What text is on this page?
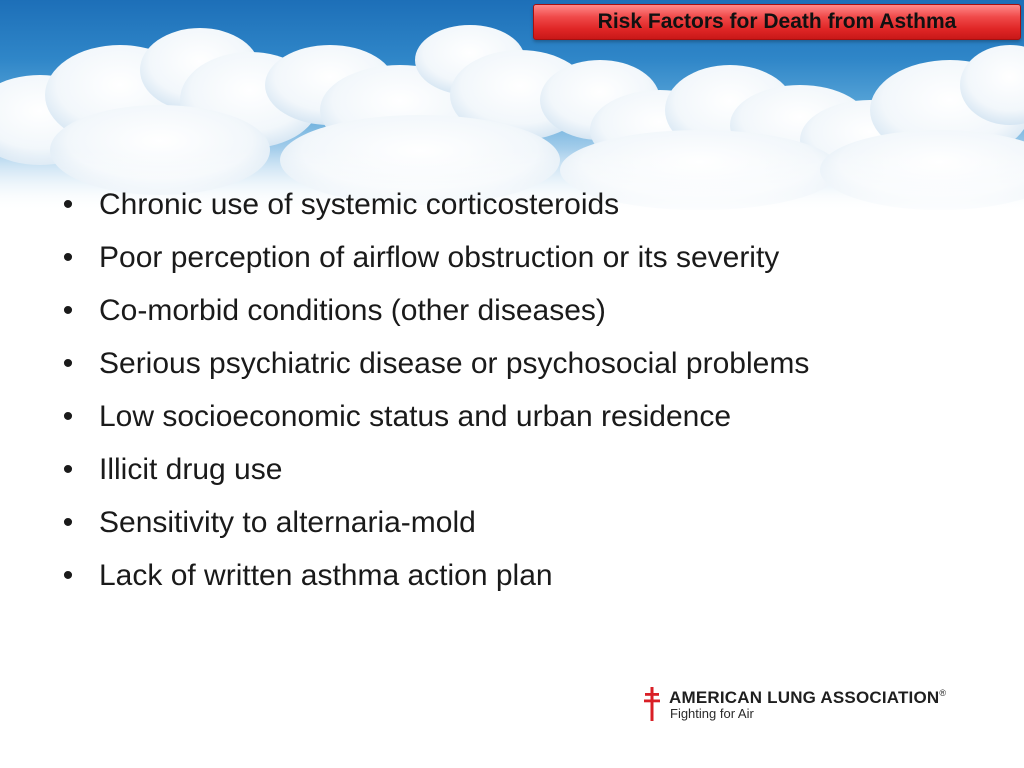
Risk Factors for Death from Asthma
• Chronic use of systemic corticosteroids
• Poor perception of airflow obstruction or its severity
• Co-morbid conditions (other diseases)
• Serious psychiatric disease or psychosocial problems
• Low socioeconomic status and urban residence
• Illicit drug use
• Sensitivity to alternaria-mold
• Lack of written asthma action plan
AMERICAN LUNG ASSOCIATION®
Fighting for Air
